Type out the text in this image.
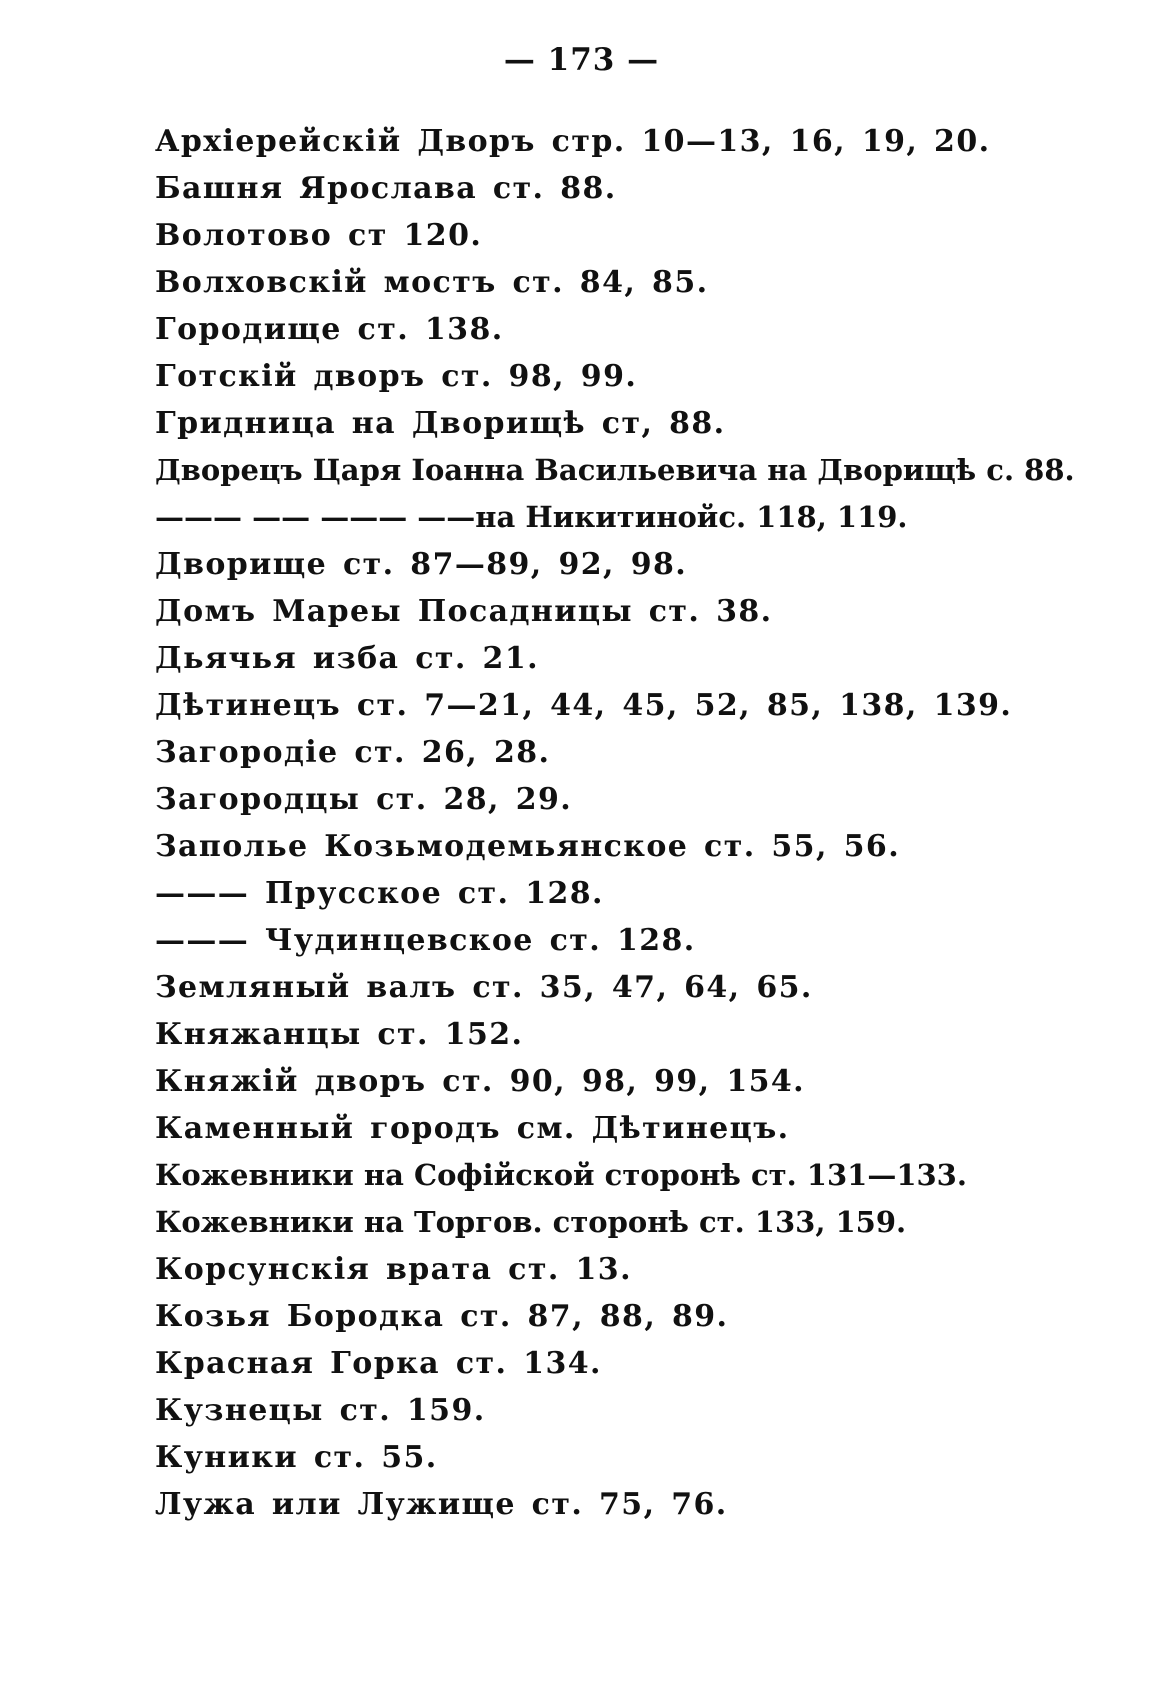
— 173 —
Архiерейскiй Дворъ стр. 10—13, 16, 19, 20.
Башня Ярослава ст. 88.
Волотово ст 120.
Волховскiй мостъ ст. 84, 85.
Городище ст. 138.
Готскiй дворъ ст. 98, 99.
Гридница на Дворищѣ ст, 88.
Дворецъ Царя Iоанна Васильевича на Дворищѣ с. 88.
——— —— ——— ——на Никитинойс. 118, 119.
Дворище ст. 87—89, 92, 98.
Домъ Мареы Посадницы ст. 38.
Дьячья изба ст. 21.
Дѣтинецъ ст. 7—21, 44, 45, 52, 85, 138, 139.
Загородiе ст. 26, 28.
Загородцы ст. 28, 29.
Заполье Козьмодемьянское ст. 55, 56.
——— Прусское ст. 128.
——— Чудинцевское ст. 128.
Земляный валъ ст. 35, 47, 64, 65.
Княжанцы ст. 152.
Княжiй дворъ ст. 90, 98, 99, 154.
Каменный городъ см. Дѣтинецъ.
Кожевники на Софiйской сторонѣ ст. 131—133.
Кожевники на Торгов. сторонѣ ст. 133, 159.
Корсунскiя врата ст. 13.
Козья Бородка ст. 87, 88, 89.
Красная Горка ст. 134.
Кузнецы ст. 159.
Куники ст. 55.
Лужа или Лужище ст. 75, 76.
